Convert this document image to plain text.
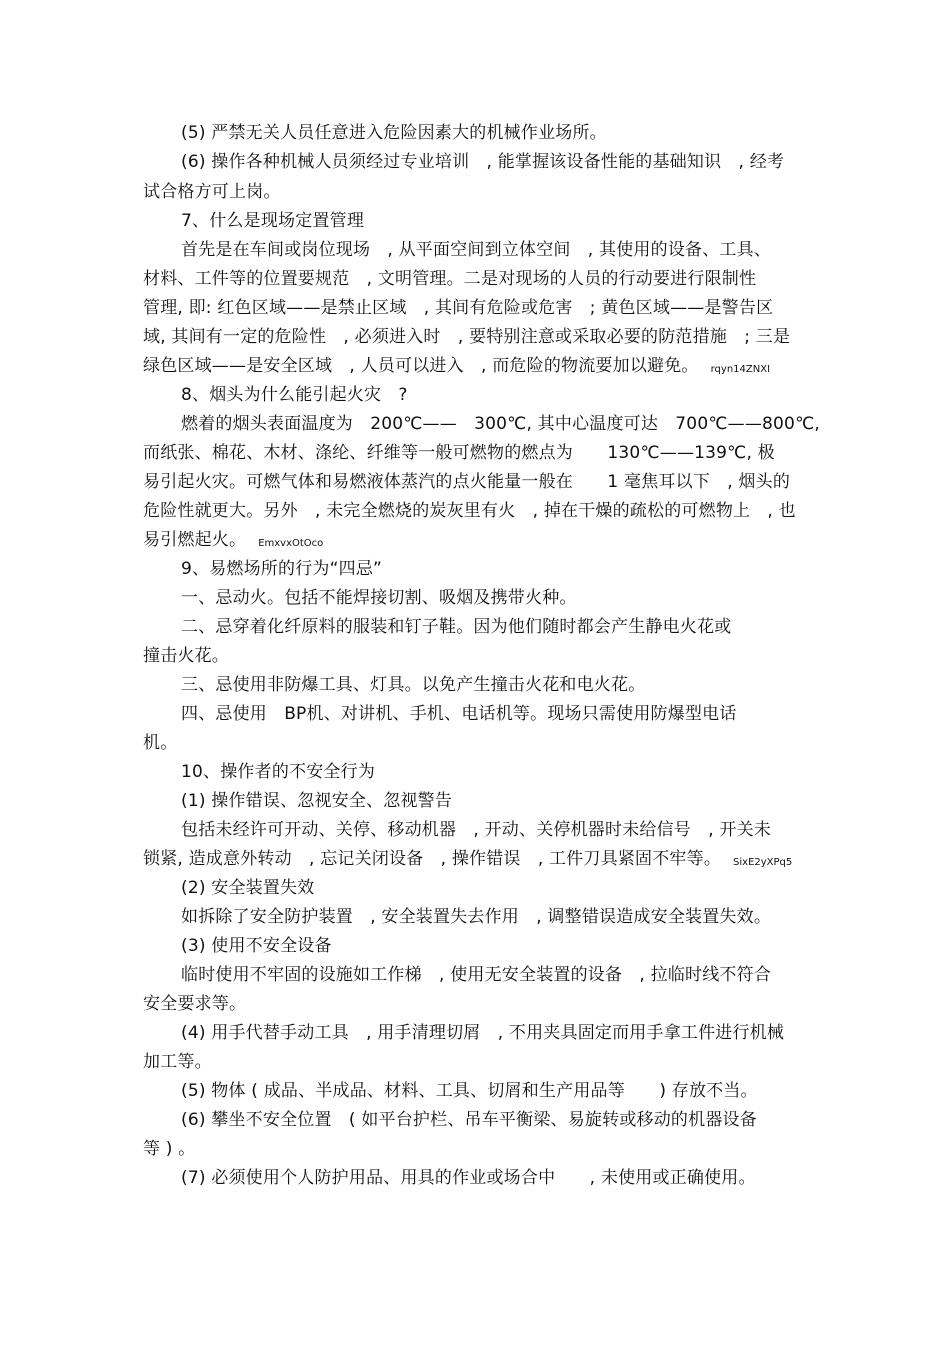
(5) 严禁无关人员任意进入危险因素大的机械作业场所。
(6) 操作各种机械人员须经过专业培训　, 能掌握该设备性能的基础知识　, 经考
试合格方可上岗。
7、什么是现场定置管理
首先是在车间或岗位现场　, 从平面空间到立体空间　, 其使用的设备、工具、
材料、工件等的位置要规范　, 文明管理。二是对现场的人员的行动要进行限制性
管理, 即: 红色区域——是禁止区域　, 其间有危险或危害　; 黄色区域——是警告区
域, 其间有一定的危险性　, 必须进入时　, 要特别注意或采取必要的防范措施　; 三是
绿色区域——是安全区域　, 人员可以进入　, 而危险的物流要加以避免。 rqyn14ZNXI
8、烟头为什么能引起火灾　?
燃着的烟头表面温度为　200℃——　300℃, 其中心温度可达　700℃——800℃,
而纸张、棉花、木材、涤纶、纤维等一般可燃物的燃点为　　130℃——139℃, 极
易引起火灾。可燃气体和易燃液体蒸汽的点火能量一般在　　1 毫焦耳以下　, 烟头的
危险性就更大。另外　, 未完全燃烧的炭灰里有火　, 掉在干燥的疏松的可燃物上　, 也
易引燃起火。 EmxvxOtOco
9、易燃场所的行为“四忌”
一、忌动火。包括不能焊接切割、吸烟及携带火种。
二、忌穿着化纤原料的服装和钉子鞋。因为他们随时都会产生静电火花或
撞击火花。
三、忌使用非防爆工具、灯具。以免产生撞击火花和电火花。
四、忌使用　BP机、对讲机、手机、电话机等。现场只需使用防爆型电话
机。
10、操作者的不安全行为
(1) 操作错误、忽视安全、忽视警告
包括未经许可开动、关停、移动机器　, 开动、关停机器时未给信号　, 开关未
锁紧, 造成意外转动　, 忘记关闭设备　, 操作错误　, 工件刀具紧固不牢等。 SixE2yXPq5
(2) 安全装置失效
如拆除了安全防护装置　, 安全装置失去作用　, 调整错误造成安全装置失效。
(3) 使用不安全设备
临时使用不牢固的设施如工作梯　, 使用无安全装置的设备　, 拉临时线不符合
安全要求等。
(4) 用手代替手动工具　, 用手清理切屑　, 不用夹具固定而用手拿工件进行机械
加工等。
(5) 物体 ( 成品、半成品、材料、工具、切屑和生产用品等　　) 存放不当。
(6) 攀坐不安全位置　( 如平台护栏、吊车平衡梁、易旋转或移动的机器设备
等 ) 。
(7) 必须使用个人防护用品、用具的作业或场合中　　, 未使用或正确使用。
